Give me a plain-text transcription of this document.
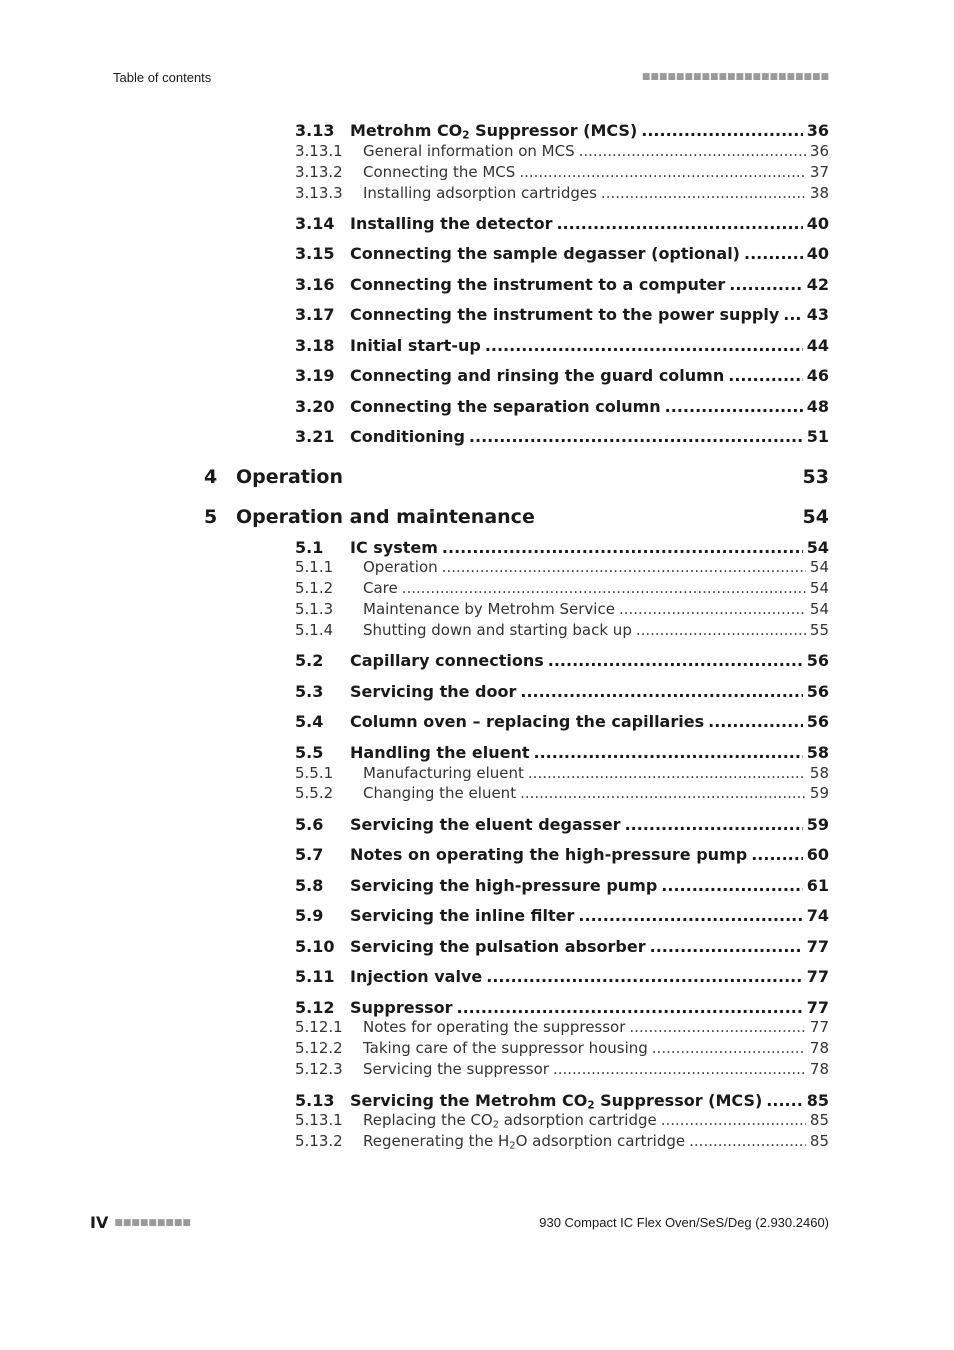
Table of contents	■■■■■■■■■■■■■■■■■■■■■■
3.13 Metrohm $CO_2$ Suppressor (MCS) .....	36
3.13.1	General information on MCS .....	36
3.13.2	Connecting the MCS .....	37
3.13.3	Installing adsorption cartridges .....	38
3.14 Installing the detector .....	40
3.15 Connecting the sample degasser (optional) .....	40
3.16 Connecting the instrument to a computer .....	42
3.17 Connecting the instrument to the power supply ..... 43
3.18 Initial start-up .....	44
3.19 Connecting and rinsing the guard column .....	46
3.20 Connecting the separation column .....	48
3.21 Conditioning .....	51
4 Operation	53
5 Operation and maintenance	54
5.1	IC system .....	54
5.1.1	Operation .....	54
5.1.2	Care .....	54
5.1.3	Maintenance by Metrohm Service .....	54
5.1.4	Shutting down and starting back up .....	55
5.2	Capillary connections .....	56
5.3	Servicing the door .....	56
5.4	Column oven – replacing the capillaries .....	56
5.5	Handling the eluent .....	58
5.5.1	Manufacturing eluent .....	58
5.5.2	Changing the eluent .....	59
5.6	Servicing the eluent degasser .....	59
5.7	Notes on operating the high-pressure pump .....	60
5.8	Servicing the high-pressure pump .....	61
5.9	Servicing the inline filter .....	74
5.10 Servicing the pulsation absorber .....	77
5.11 Injection valve .....	77
5.12 Suppressor .....	77
5.12.1	Notes for operating the suppressor .....	77
5.12.2	Taking care of the suppressor housing .....	78
5.12.3	Servicing the suppressor .....	78
5.13 Servicing the Metrohm $CO_2$ Suppressor (MCS) .....	85
5.13.1	Replacing the $CO_2$ adsorption cartridge .....	85
5.13.2	Regenerating the $H_2O$ adsorption cartridge .....	85
IV ■■■■■■■■■	930 Compact IC Flex Oven/SeS/Deg (2.930.2460)
